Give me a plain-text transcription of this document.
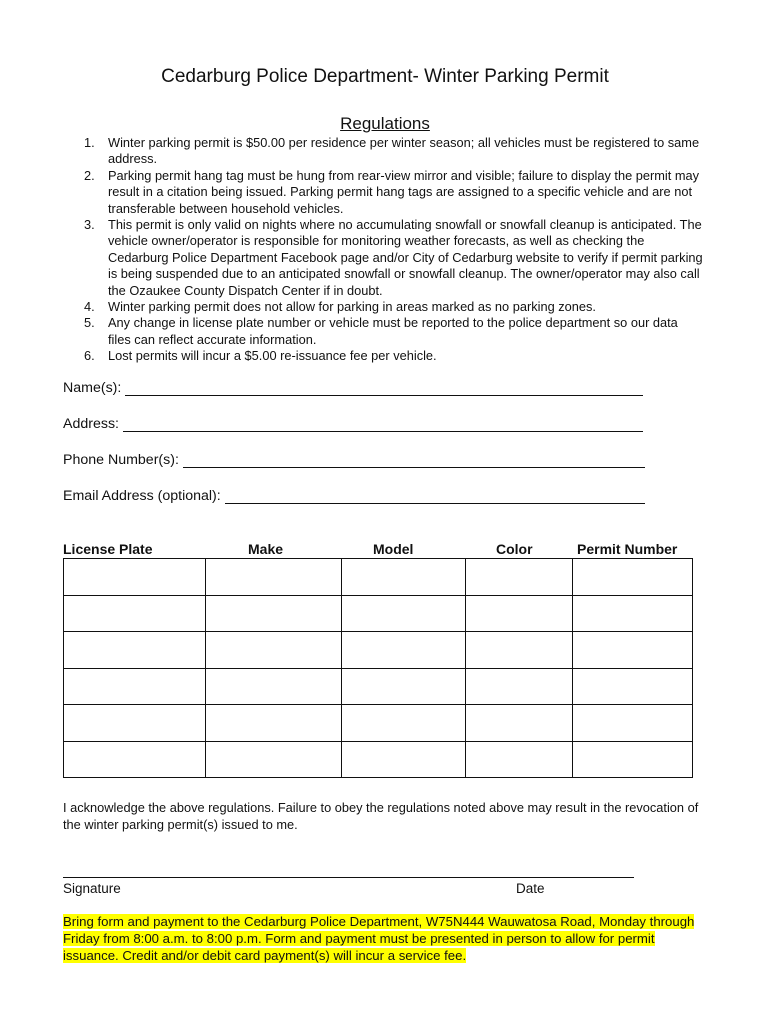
Cedarburg Police Department- Winter Parking Permit
Regulations
1. Winter parking permit is $50.00 per residence per winter season; all vehicles must be registered to same address.
2. Parking permit hang tag must be hung from rear-view mirror and visible; failure to display the permit may result in a citation being issued. Parking permit hang tags are assigned to a specific vehicle and are not transferable between household vehicles.
3. This permit is only valid on nights where no accumulating snowfall or snowfall cleanup is anticipated. The vehicle owner/operator is responsible for monitoring weather forecasts, as well as checking the Cedarburg Police Department Facebook page and/or City of Cedarburg website to verify if permit parking is being suspended due to an anticipated snowfall or snowfall cleanup. The owner/operator may also call the Ozaukee County Dispatch Center if in doubt.
4. Winter parking permit does not allow for parking in areas marked as no parking zones.
5. Any change in license plate number or vehicle must be reported to the police department so our data files can reflect accurate information.
6. Lost permits will incur a $5.00 re-issuance fee per vehicle.
Name(s):
Address:
Phone Number(s):
Email Address (optional):
License Plate	Make	Model	Color	Permit Number

I acknowledge the above regulations. Failure to obey the regulations noted above may result in the revocation of the winter parking permit(s) issued to me.
Signature	Date
Bring form and payment to the Cedarburg Police Department, W75N444 Wauwatosa Road, Monday through Friday from 8:00 a.m. to 8:00 p.m. Form and payment must be presented in person to allow for permit issuance. Credit and/or debit card payment(s) will incur a service fee.
